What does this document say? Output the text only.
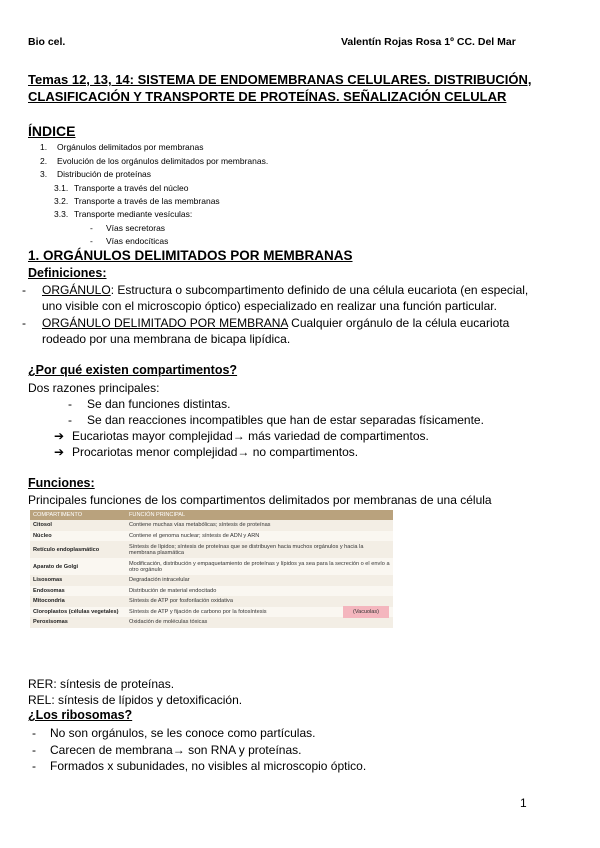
Bio cel.	Valentín Rojas Rosa 1º CC. Del Mar
Temas 12, 13, 14: SISTEMA DE ENDOMEMBRANAS CELULARES. DISTRIBUCIÓN, CLASIFICACIÓN Y TRANSPORTE DE PROTEÍNAS. SEÑALIZACIÓN CELULAR
ÍNDICE
1. Orgánulos delimitados por membranas
2. Evolución de los orgánulos delimitados por membranas.
3. Distribución de proteínas
3.1. Transporte a través del núcleo
3.2. Transporte a través de las membranas
3.3. Transporte mediante vesículas:
- Vías secretoras
- Vías endocíticas
1. ORGÁNULOS DELIMITADOS POR MEMBRANAS
Definiciones:
- ORGÁNULO: Estructura o subcompartimento definido de una célula eucariota (en especial,
uno visible con el microscopio óptico) especializado en realizar una función particular.
- ORGÁNULO DELIMITADO POR MEMBRANA Cualquier orgánulo de la célula eucariota
rodeado por una membrana de bicapa lipídica.
¿Por qué existen compartimentos?
Dos razones principales:
- Se dan funciones distintas.
- Se dan reacciones incompatibles que han de estar separadas físicamente.
➔ Eucariotas mayor complejidad→ más variedad de compartimentos.
➔ Procariotas menor complejidad→ no compartimentos.
Funciones:
Principales funciones de los compartimentos delimitados por membranas de una célula
COMPARTIMENTO	FUNCIÓN PRINCIPAL
Citosol	Contiene muchas vías metabólicas; síntesis de proteínas
Núcleo	Contiene el genoma nuclear; síntesis de ADN y ARN
Retículo endoplasmático	Síntesis de lípidos; síntesis de proteínas que se distribuyen hacia muchos orgánulos y hacia la membrana plasmática
Aparato de Golgi	Modificación, distribución y empaquetamiento de proteínas y lípidos ya sea para la secreción o el envío a otro orgánulo
Lisosomas	Degradación intracelular
Endosomas	Distribución de material endocitado
Mitocondria	Síntesis de ATP por fosforilación oxidativa
Cloroplastos (células vegetales)	Síntesis de ATP y fijación de carbono por la fotosíntesis
Peroxisomas	Oxidación de moléculas tóxicas
(Vacuolas)
RER: síntesis de proteínas.
REL: síntesis de lípidos y detoxificación.
¿Los ribosomas?
- No son orgánulos, se les conoce como partículas.
- Carecen de membrana→ son RNA y proteínas.
- Formados x subunidades, no visibles al microscopio óptico.
1
